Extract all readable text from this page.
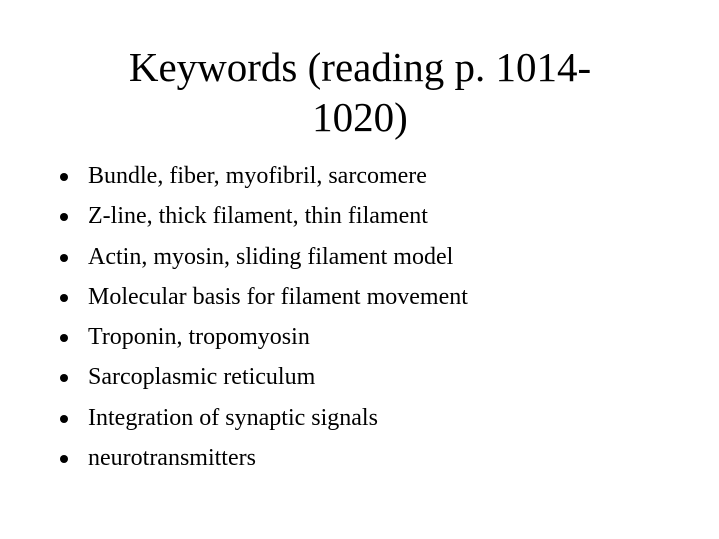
Keywords (reading p. 1014-1020)
Bundle, fiber, myofibril, sarcomere
Z-line, thick filament, thin filament
Actin, myosin, sliding filament model
Molecular basis for filament movement
Troponin, tropomyosin
Sarcoplasmic reticulum
Integration of synaptic signals
neurotransmitters
